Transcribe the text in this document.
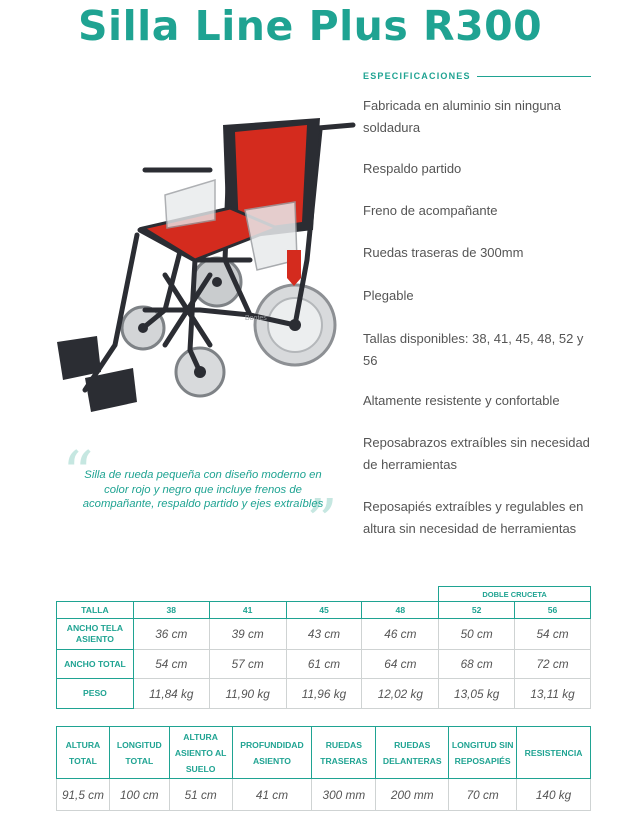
Silla Line Plus R300
ESPECIFICACIONES
Fabricada en aluminio sin ninguna soldadura
Respaldo partido
Freno de acompañante
Ruedas traseras de 300mm
Plegable
Tallas disponibles: 38, 41, 45, 48, 52 y 56
Altamente resistente y confortable
Reposabrazos extraíbles sin necesidad de herramientas
Reposapiés extraíbles y regulables en altura sin necesidad de herramientas
Bootes
“
”
Silla de rueda pequeña con diseño moderno en color rojo y negro que incluye frenos de acompañante, respaldo partido y ejes extraíbles
					DOBLE CRUCETA	
TALLA	38	41	45	48	52	56
ANCHO TELA ASIENTO	36 cm	39 cm	43 cm	46 cm	50 cm	54 cm
ANCHO TOTAL	54 cm	57 cm	61 cm	64 cm	68 cm	72 cm
PESO	11,84 kg	11,90 kg	11,96 kg	12,02 kg	13,05 kg	13,11 kg
ALTURA TOTAL	LONGITUD TOTAL	ALTURA ASIENTO AL SUELO	PROFUNDIDAD ASIENTO	RUEDAS TRASERAS	RUEDAS DELANTERAS	LONGITUD SIN REPOSAPIÉS	RESISTENCIA
91,5 cm	100 cm	51 cm	41 cm	300 mm	200 mm	70 cm	140 kg
